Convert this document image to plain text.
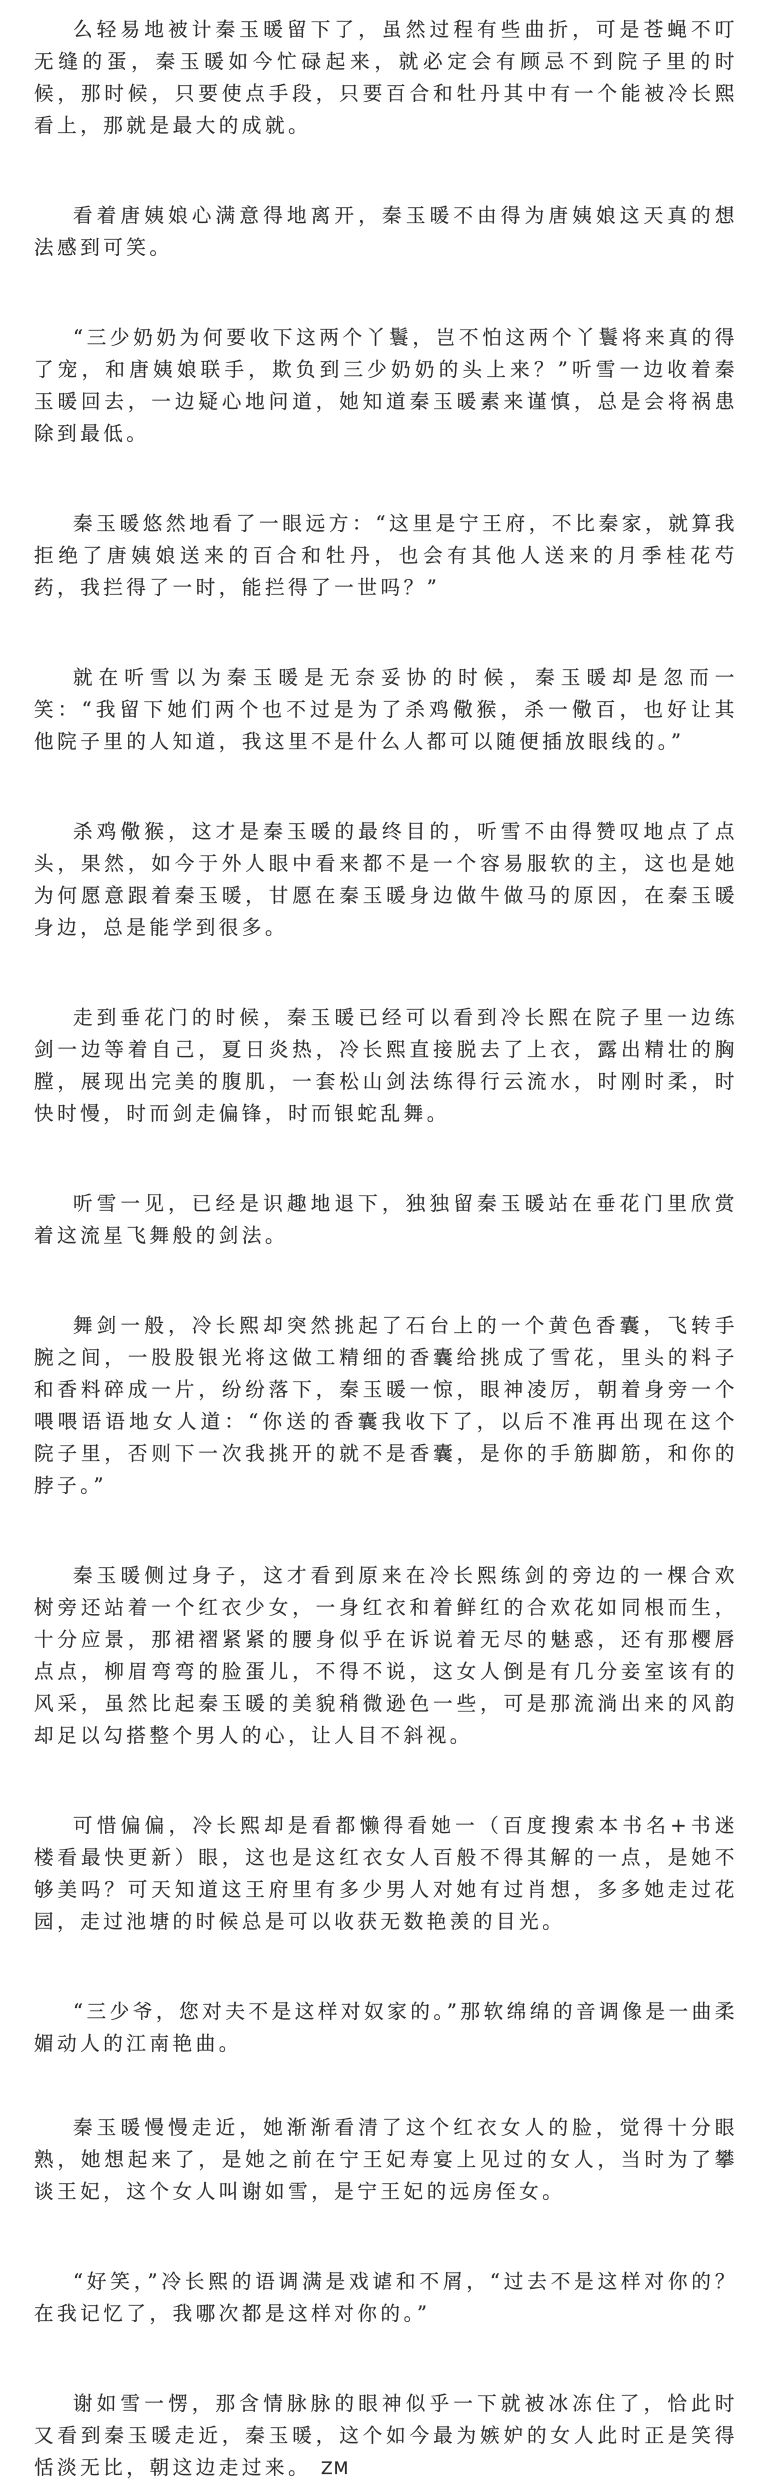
么轻易地被计秦玉暖留下了，虽然过程有些曲折，可是苍蝇不叮无缝的蛋，秦玉暖如今忙碌起来，就必定会有顾忌不到院子里的时候，那时候，只要使点手段，只要百合和牡丹其中有一个能被冷长熙看上，那就是最大的成就。

看着唐姨娘心满意得地离开，秦玉暖不由得为唐姨娘这天真的想法感到可笑。

“三少奶奶为何要收下这两个丫鬟，岂不怕这两个丫鬟将来真的得了宠，和唐姨娘联手，欺负到三少奶奶的头上来？”听雪一边收着秦玉暖回去，一边疑心地问道，她知道秦玉暖素来谨慎，总是会将祸患除到最低。

秦玉暖悠然地看了一眼远方：“这里是宁王府，不比秦家，就算我拒绝了唐姨娘送来的百合和牡丹，也会有其他人送来的月季桂花芍药，我拦得了一时，能拦得了一世吗？”

就在听雪以为秦玉暖是无奈妥协的时候，秦玉暖却是忽而一笑：“我留下她们两个也不过是为了杀鸡儆猴，杀一儆百，也好让其他院子里的人知道，我这里不是什么人都可以随便插放眼线的。”

杀鸡儆猴，这才是秦玉暖的最终目的，听雪不由得赞叹地点了点头，果然，如今于外人眼中看来都不是一个容易服软的主，这也是她为何愿意跟着秦玉暖，甘愿在秦玉暖身边做牛做马的原因，在秦玉暖身边，总是能学到很多。

走到垂花门的时候，秦玉暖已经可以看到冷长熙在院子里一边练剑一边等着自己，夏日炎热，冷长熙直接脱去了上衣，露出精壮的胸膛，展现出完美的腹肌，一套松山剑法练得行云流水，时刚时柔，时快时慢，时而剑走偏锋，时而银蛇乱舞。

听雪一见，已经是识趣地退下，独独留秦玉暖站在垂花门里欣赏着这流星飞舞般的剑法。

舞剑一般，冷长熙却突然挑起了石台上的一个黄色香囊，飞转手腕之间，一股股银光将这做工精细的香囊给挑成了雪花，里头的料子和香料碎成一片，纷纷落下，秦玉暖一惊，眼神凌厉，朝着身旁一个喂喂语语地女人道：“你送的香囊我收下了，以后不准再出现在这个院子里，否则下一次我挑开的就不是香囊，是你的手筋脚筋，和你的脖子。”

秦玉暖侧过身子，这才看到原来在冷长熙练剑的旁边的一棵合欢树旁还站着一个红衣少女，一身红衣和着鲜红的合欢花如同根而生，十分应景，那裙褶紧紧的腰身似乎在诉说着无尽的魅惑，还有那樱唇点点，柳眉弯弯的脸蛋儿，不得不说，这女人倒是有几分妾室该有的风采，虽然比起秦玉暖的美貌稍微逊色一些，可是那流淌出来的风韵却足以勾搭整个男人的心，让人目不斜视。

可惜偏偏，冷长熙却是看都懒得看她一（百度搜索本书名+书迷楼看最快更新）眼，这也是这红衣女人百般不得其解的一点，是她不够美吗？可天知道这王府里有多少男人对她有过肖想，多多她走过花园，走过池塘的时候总是可以收获无数艳羡的目光。

“三少爷，您对夫不是这样对奴家的。”那软绵绵的音调像是一曲柔媚动人的江南艳曲。

秦玉暖慢慢走近，她渐渐看清了这个红衣女人的脸，觉得十分眼熟，她想起来了，是她之前在宁王妃寿宴上见过的女人，当时为了攀谈王妃，这个女人叫谢如雪，是宁王妃的远房侄女。

“好笑，”冷长熙的语调满是戏谑和不屑，“过去不是这样对你的？在我记忆了，我哪次都是这样对你的。”

谢如雪一愣，那含情脉脉的眼神似乎一下就被冰冻住了，恰此时又看到秦玉暖走近，秦玉暖，这个如今最为嫉妒的女人此时正是笑得恬淡无比，朝这边走过来。 ZM
